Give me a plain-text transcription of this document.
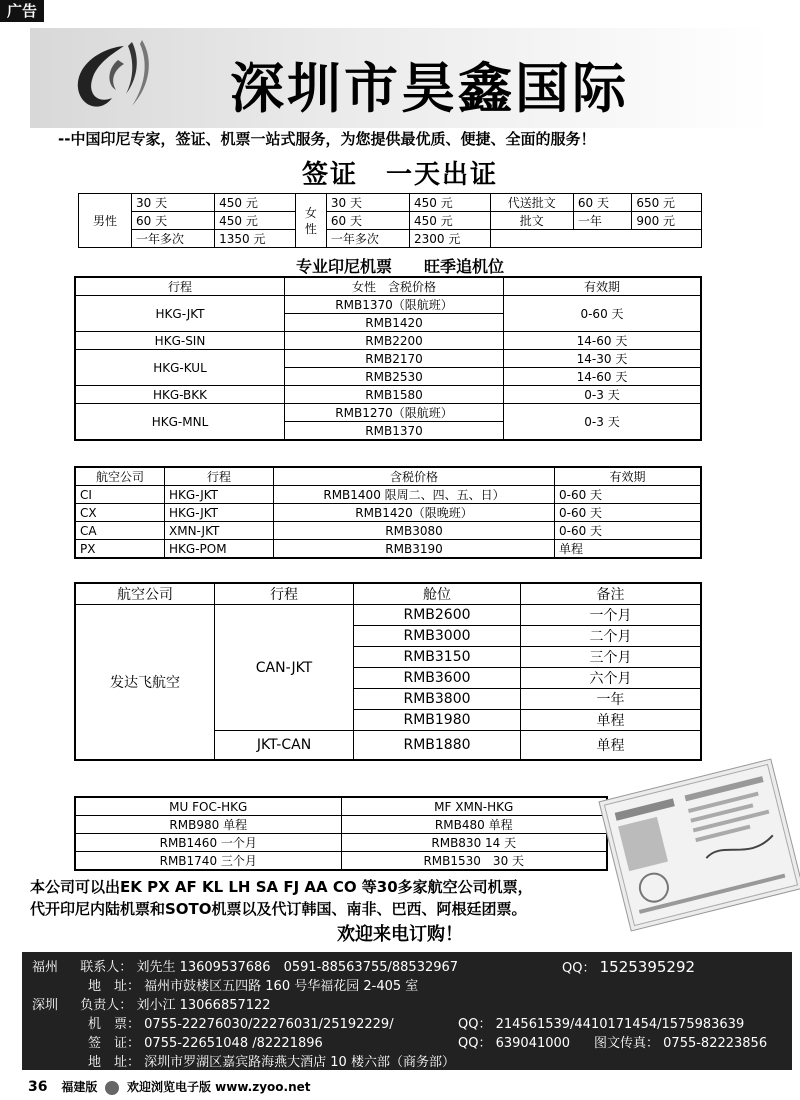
广告
深圳市昊鑫国际
--中国印尼专家，签证、机票一站式服务，为您提供最优质、便捷、全面的服务！
签证　一天出证
男性	30 天	450 元	女性	30 天	450 元	代送批文	60 天	650 元
	60 天	450 元		60 天	450 元	批文	一年	900 元
	一年多次	1350 元		一年多次	2300 元			
专业印尼机票　　旺季追机位
行程	女性　含税价格	有效期
HKG-JKT	RMB1370（限航班）	0-60 天
	RMB1420	
HKG-SIN	RMB2200	14-60 天
HKG-KUL	RMB2170	14-30 天
	RMB2530	14-60 天
HKG-BKK	RMB1580	0-3 天
HKG-MNL	RMB1270（限航班）	0-3 天
	RMB1370	
航空公司	行程	含税价格	有效期
CI	HKG-JKT	RMB1400 限周二、四、五、日）	0-60 天
CX	HKG-JKT	RMB1420（限晚班）	0-60 天
CA	XMN-JKT	RMB3080	0-60 天
PX	HKG-POM	RMB3190	单程
航空公司	行程	舱位	备注
发达飞航空	CAN-JKT	RMB2600	一个月
		RMB3000	二个月
		RMB3150	三个月
		RMB3600	六个月
		RMB3800	一年
		RMB1980	单程
	JKT-CAN	RMB1880	单程
MU FOC-HKG	MF XMN-HKG
RMB980 单程	RMB480 单程
RMB1460 一个月	RMB830 14 天
RMB1740 三个月	RMB1530　30 天
本公司可以出EK PX AF KL LH SA FJ AA CO 等30多家航空公司机票，
代开印尼内陆机票和SOTO机票以及代订韩国、南非、巴西、阿根廷团票。
欢迎来电订购！
福州 联系人： 刘先生 13609537686　0591-88563755/88532967	QQ： 1525395292
地　址： 福州市鼓楼区五四路 160 号华福花园 2-405 室
深圳 负责人： 刘小江 13066857122
机　票： 0755-22276030/22276031/25192229/	QQ： 214561539/4410171454/1575983639
签　证： 0755-22651048 /82221896	QQ： 639041000 图文传真： 0755-82223856
地　址： 深圳市罗湖区嘉宾路海燕大酒店 10 楼六部（商务部）
36 福建版 欢迎浏览电子版 www.zyoo.net
